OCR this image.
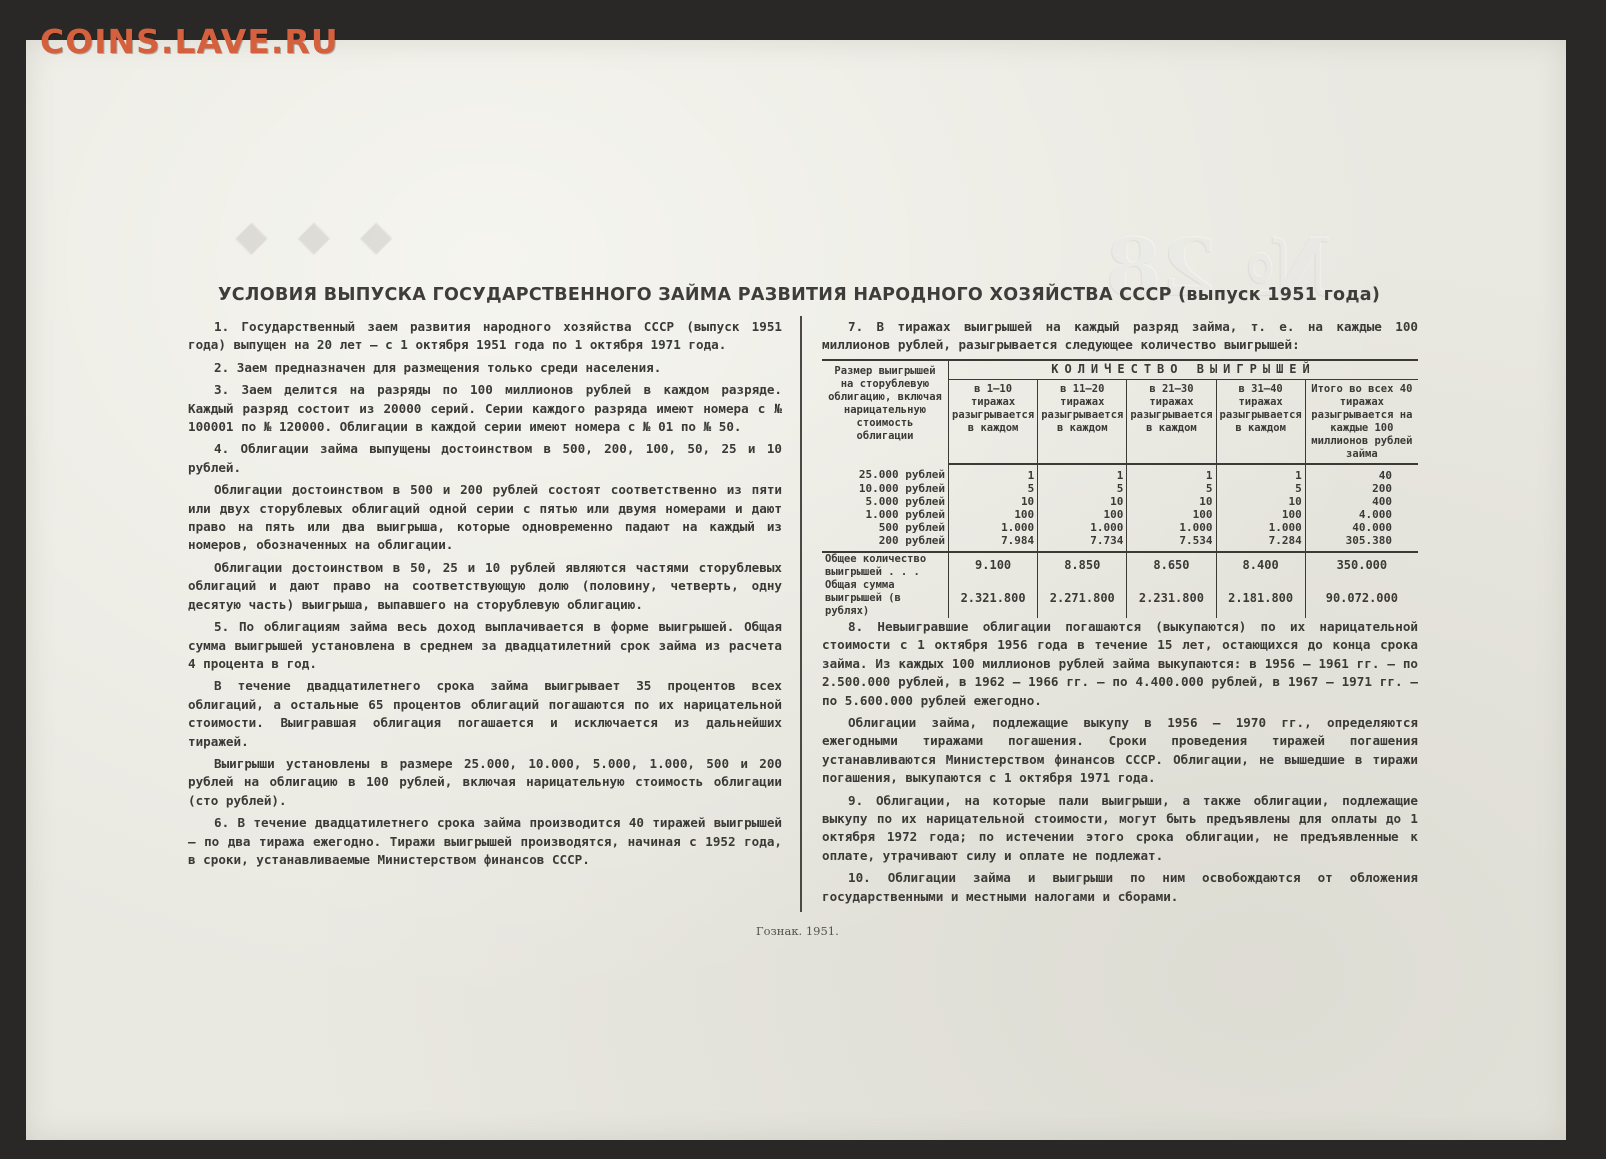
◆◆◆	№ 28
COINS.LAVE.RU
УСЛОВИЯ ВЫПУСКА ГОСУДАРСТВЕННОГО ЗАЙМА РАЗВИТИЯ НАРОДНОГО ХОЗЯЙСТВА СССР (выпуск 1951 года)

1. Государственный заем развития народного хозяйства СССР (выпуск 1951 года) выпущен на 20 лет — с 1 октября 1951 года по 1 октября 1971 года.

2. Заем предназначен для размещения только среди населения.

3. Заем делится на разряды по 100 миллионов рублей в каждом разряде. Каждый разряд состоит из 20000 серий. Серии каждого разряда имеют номера с № 100001 по № 120000. Облигации в каждой серии имеют номера с № 01 по № 50.

4. Облигации займа выпущены достоинством в 500, 200, 100, 50, 25 и 10 рублей.

Облигации достоинством в 500 и 200 рублей состоят соответственно из пяти или двух сторублевых облигаций одной серии с пятью или двумя номерами и дают право на пять или два выигрыша, которые одновременно падают на каждый из номеров, обозначенных на облигации.

Облигации достоинством в 50, 25 и 10 рублей являются частями сторублевых облигаций и дают право на соответствующую долю (половину, четверть, одну десятую часть) выигрыша, выпавшего на сторублевую облигацию.

5. По облигациям займа весь доход выплачивается в форме выигрышей. Общая сумма выигрышей установлена в среднем за двадцатилетний срок займа из расчета 4 процента в год.

В течение двадцатилетнего срока займа выигрывает 35 процентов всех облигаций, а остальные 65 процентов облигаций погашаются по их нарицательной стоимости. Выигравшая облигация погашается и исключается из дальнейших тиражей.

Выигрыши установлены в размере 25.000, 10.000, 5.000, 1.000, 500 и 200 рублей на облигацию в 100 рублей, включая нарицательную стоимость облигации (сто рублей).

6. В течение двадцатилетнего срока займа производится 40 тиражей выигрышей — по два тиража ежегодно. Тиражи выигрышей производятся, начиная с 1952 года, в сроки, устанавливаемые Министерством финансов СССР.

7. В тиражах выигрышей на каждый разряд займа, т. е. на каждые 100 миллионов рублей, разыгрывается следующее количество выигрышей:

Размер выигрышей на сторублевую облигацию, включая нарицательную стоимость облигации	КОЛИЧЕСТВО ВЫИГРЫШЕЙ				
	в 1—10 тиражах разыгрывается в каждом	в 11—20 тиражах разыгрывается в каждом	в 21—30 тиражах разыгрывается в каждом	в 31—40 тиражах разыгрывается в каждом	Итого во всех 40 тиражах разыгрывается на каждые 100 миллионов рублей займа
25.000 рублей	1	1	1	1	40
10.000 рублей	5	5	5	5	200
5.000 рублей	10	10	10	10	400
1.000 рублей	100	100	100	100	4.000
500 рублей	1.000	1.000	1.000	1.000	40.000
200 рублей	7.984	7.734	7.534	7.284	305.380
Общее количество выигрышей . . .	9.100	8.850	8.650	8.400	350.000
Общая сумма выигрышей (в рублях)	2.321.800	2.271.800	2.231.800	2.181.800	90.072.000

8. Невыигравшие облигации погашаются (выкупаются) по их нарицательной стоимости с 1 октября 1956 года в течение 15 лет, остающихся до конца срока займа. Из каждых 100 миллионов рублей займа выкупаются: в 1956 — 1961 гг. — по 2.500.000 рублей, в 1962 — 1966 гг. — по 4.400.000 рублей, в 1967 — 1971 гг. — по 5.600.000 рублей ежегодно.

Облигации займа, подлежащие выкупу в 1956 — 1970 гг., определяются ежегодными тиражами погашения. Сроки проведения тиражей погашения устанавливаются Министерством финансов СССР. Облигации, не вышедшие в тиражи погашения, выкупаются с 1 октября 1971 года.

9. Облигации, на которые пали выигрыши, а также облигации, подлежащие выкупу по их нарицательной стоимости, могут быть предъявлены для оплаты до 1 октября 1972 года; по истечении этого срока облигации, не предъявленные к оплате, утрачивают силу и оплате не подлежат.

10. Облигации займа и выигрыши по ним освобождаются от обложения государственными и местными налогами и сборами.

Гознак. 1951.
